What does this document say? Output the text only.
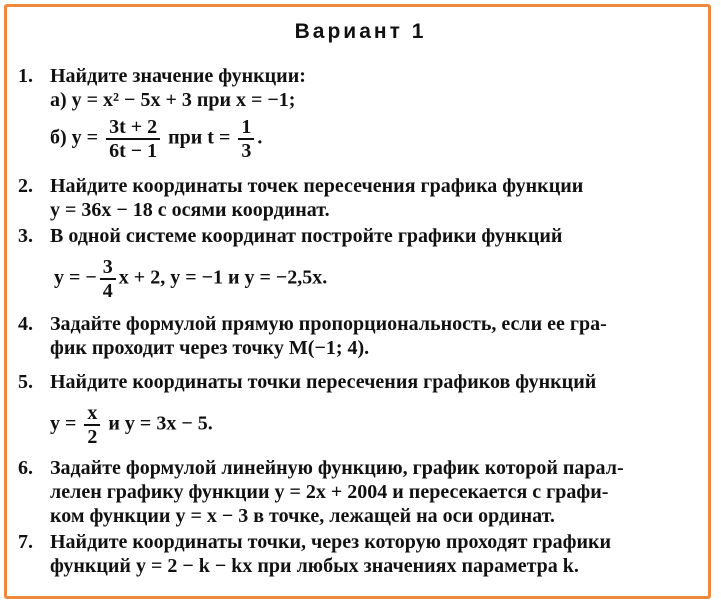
Вариант 1
1. Найдите значение функции:
а) y = x² − 5x + 3 при x = −1;
б) $y = \frac{3t + 2}{6t - 1}$ при $t = \frac{1}{3}$ .
2. Найдите координаты точек пересечения графика функции
y = 36x − 18 с осями координат.
3. В одной системе координат постройте графики функций
y = − $\frac{3}{4}$ x + 2, y = −1 и y = −2,5x.
4. Задайте формулой прямую пропорциональность, если ее гра-
фик проходит через точку M(−1; 4).
5. Найдите координаты точки пересечения графиков функций
$y = \frac{x}{2}$ и y = 3x − 5.
6. Задайте формулой линейную функцию, график которой парал-
лелен графику функции y = 2x + 2004 и пересекается с графи-
ком функции y = x − 3 в точке, лежащей на оси ординат.
7. Найдите координаты точки, через которую проходят графики
функций y = 2 − k − kx при любых значениях параметра k.
